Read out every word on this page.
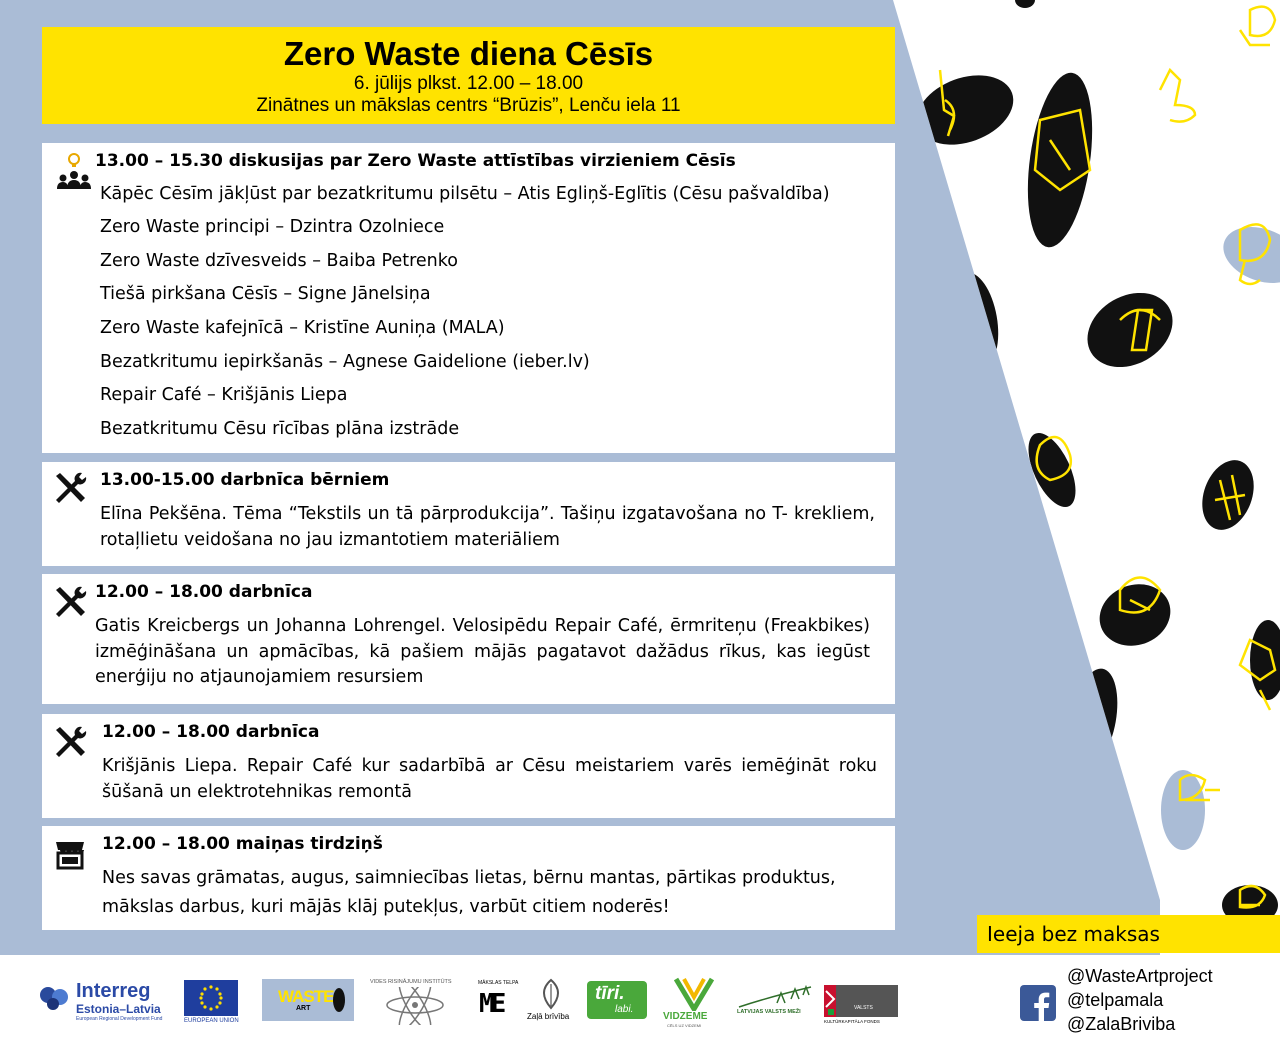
Zero Waste diena Cēsīs
6. jūlijs plkst. 12.00 – 18.00
Zinātnes un mākslas centrs “Brūzis”, Lenču iela 11
13.00 – 15.30 diskusijas par Zero Waste attīstības virzieniem Cēsīs
Kāpēc Cēsīm jākļūst par bezatkritumu pilsētu – Atis Egliņš-Eglītis (Cēsu pašvaldība)
Zero Waste principi – Dzintra Ozolniece
Zero Waste dzīvesveids – Baiba Petrenko
Tiešā pirkšana Cēsīs – Signe Jānelsiņa
Zero Waste kafejnīcā – Kristīne Auniņa (MALA)
Bezatkritumu iepirkšanās – Agnese Gaidelione (ieber.lv)
Repair Café – Krišjānis Liepa
Bezatkritumu Cēsu rīcības plāna izstrāde
13.00-15.00 darbnīca bērniem
Elīna Pekšēna. Tēma “Tekstils un tā pārprodukcija”. Tašiņu izgatavošana no T- krekliem, rotaļlietu veidošana no jau izmantotiem materiāliem
12.00 – 18.00 darbnīca
Gatis Kreicbergs un Johanna Lohrengel. Velosipēdu Repair Café, ērmriteņu (Freakbikes) izmēģināšana un apmācības, kā pašiem mājās pagatavot dažādus rīkus, kas iegūst enerģiju no atjaunojamiem resursiem
12.00 – 18.00 darbnīca
Krišjānis Liepa. Repair Café kur sadarbībā ar Cēsu meistariem varēs iemēģināt roku šūšanā un elektrotehnikas remontā
12.00 – 18.00 maiņas tirdziņš
Nes savas grāmatas, augus, saimniecības lietas, bērnu mantas, pārtikas produktus,
mākslas darbus, kuri mājās klāj putekļus, varbūt citiem noderēs!
Ieeja bez maksas
Interreg
Estonia–Latvia
European Regional Development Fund	EUROPEAN UNION
WASTE
ART
VIDES RISINĀJUMU INSTITŪTS	MĀKSLAS TELPA
ME	Zaļā brīvība
tīri.
labi.
VIDZEME
CĒLS UZ VIDZEMI
LATVIJAS VALSTS MEŽI
VALSTS
KULTŪRKAPITĀLA FONDS
@WasteArtproject
@telpamala
@ZalaBriviba
